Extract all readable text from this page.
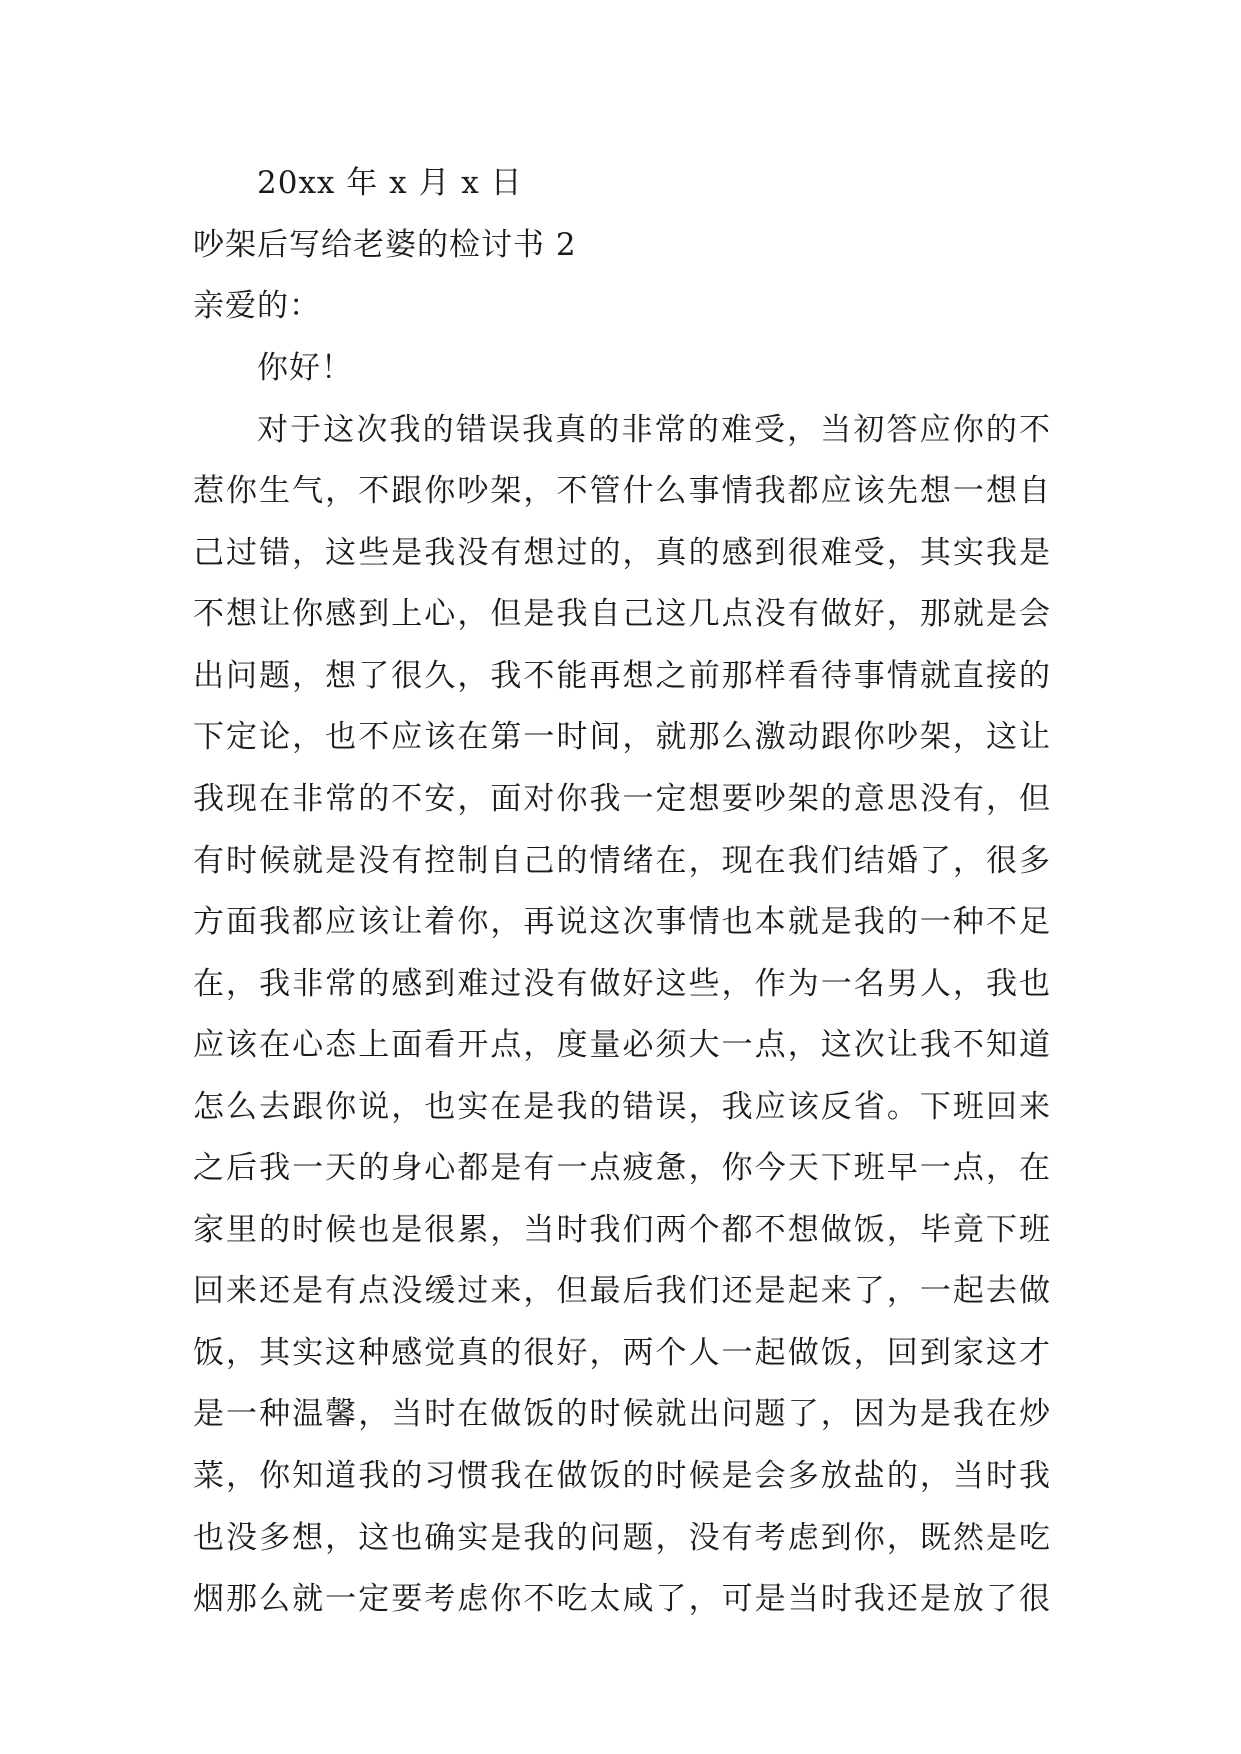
20xx 年 x 月 x 日
吵架后写给老婆的检讨书 2
亲爱的：
你好！
对于这次我的错误我真的非常的难受，当初答应你的不
惹你生气，不跟你吵架，不管什么事情我都应该先想一想自
己过错，这些是我没有想过的，真的感到很难受，其实我是
不想让你感到上心，但是我自己这几点没有做好，那就是会
出问题，想了很久，我不能再想之前那样看待事情就直接的
下定论，也不应该在第一时间，就那么激动跟你吵架，这让
我现在非常的不安，面对你我一定想要吵架的意思没有，但
有时候就是没有控制自己的情绪在，现在我们结婚了，很多
方面我都应该让着你，再说这次事情也本就是我的一种不足
在，我非常的感到难过没有做好这些，作为一名男人，我也
应该在心态上面看开点，度量必须大一点，这次让我不知道
怎么去跟你说，也实在是我的错误，我应该反省。下班回来
之后我一天的身心都是有一点疲惫，你今天下班早一点，在
家里的时候也是很累，当时我们两个都不想做饭，毕竟下班
回来还是有点没缓过来，但最后我们还是起来了，一起去做
饭，其实这种感觉真的很好，两个人一起做饭，回到家这才
是一种温馨，当时在做饭的时候就出问题了，因为是我在炒
菜，你知道我的习惯我在做饭的时候是会多放盐的，当时我
也没多想，这也确实是我的问题，没有考虑到你，既然是吃
烟那么就一定要考虑你不吃太咸了，可是当时我还是放了很
